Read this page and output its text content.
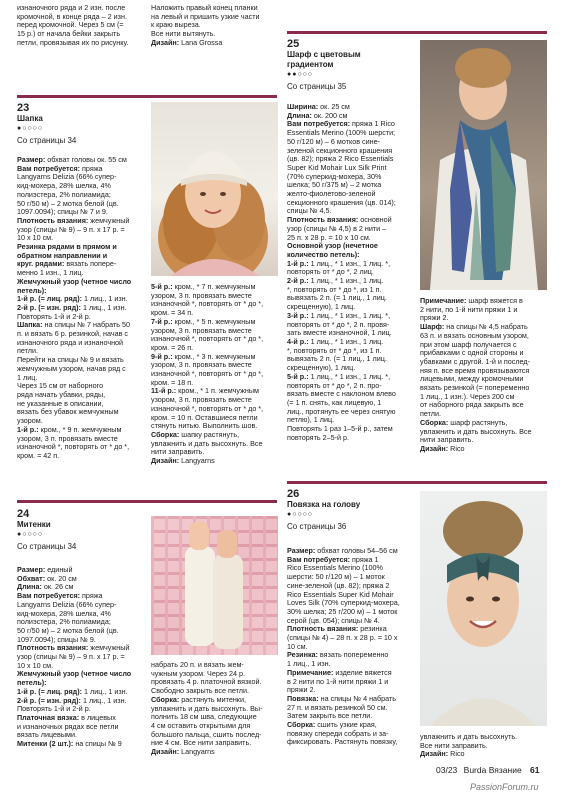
изнаночного ряда и 2 изн. после
кромочной, в конце ряда – 2 изн.
перед кромочной. Через 5 см (=
15 р.) от начала бейки закрыть
петли, провязывая их по рисунку.
Наложить правый конец планки
на левый и пришить узкие части
к краю выреза.
Все нити вытянуть.
Дизайн: Lana Grossa
23
Шапка
●○○○○
Со страницы 34
Размер: обхват головы ок. 55 см
Вам потребуется: пряжа
Langyarns Delizia (66% супер-
кид-мохера, 28% шелка, 4%
полиэстера, 2% полиамида;
50 г/50 м) – 2 мотка белой (цв.
1097.0094); спицы № 7 и 9.
Плотность вязания: жемчужный
узор (спицы № 9) – 9 п. х 17 р. =
10 х 10 см.
Резинка рядами в прямом и
обратном направлении и
круг. рядами: вязать попере-
менно 1 изн., 1 лиц.
Жемчужный узор (четное число
петель):
1-й р. (= лиц. ряд): 1 лиц., 1 изн.
2-й р. (= изн. ряд): 1 лиц., 1 изн.
Повторять 1-й и 2-й р.
Шапка: на спицы № 7 набрать 50
п. и вязать 6 р. резинкой, начав с
изнаночного ряда и изнаночной
петли.
Перейти на спицы № 9 и вязать
жемчужным узором, начав ряд с
1 лиц.
Через 15 см от наборного
ряда начать убавки, ряды,
не указанные в описании,
вязать без убавок жемчужным
узором.
1-й р.: кром., * 9 п. жемчужным
узором, 3 п. провязать вместе
изнаночной *, повторять от * до *,
кром. = 42 п.
5-й р.: кром., * 7 п. жемчужным
узором, 3 п. провязать вместе
изнаночной *, повторять от * до *,
кром. = 34 п.
7-й р.: кром., * 5 п. жемчужным
узором, 3 п. провязать вместе
изнаночной *, повторять от * до *,
кром. = 26 п.
9-й р.: кром., * 3 п. жемчужным
узором, 3 п. провязать вместе
изнаночной *, повторять от * до *,
кром. = 18 п.
11-й р.: кром., * 1 п. жемчужным
узором, 3 п. провязать вместе
изнаночной *, повторять от * до *,
кром. = 10 п. Оставшиеся петли
стянуть нитью. Выполнить шов.
Сборка: шапку растянуть,
увлажнить и дать высохнуть. Все
нити заправить.
Дизайн: Langyarns
24
Митенки
●○○○○
Со страницы 34
Размер: единый
Обхват: ок. 20 см
Длина: ок. 26 см
Вам потребуется: пряжа
Langyarns Delizia (66% супер-
кид-мохера, 28% шелка, 4%
полиэстера, 2% полиамида;
50 г/50 м) – 2 мотка белой (цв.
1097.0094); спицы № 9.
Плотность вязания: жемчужный
узор (спицы № 9) – 9 п. х 17 р. =
10 х 10 см.
Жемчужный узор (четное число
петель):
1-й р. (= лиц. ряд): 1 лиц., 1 изн.
2-й р. (= изн. ряд): 1 лиц., 1 изн.
Повторять 1-й и 2-й р.
Платочная вязка: в лицевых
и изнаночных рядах все петли
вязать лицевыми.
Митенки (2 шт.): на спицы № 9
набрать 20 п. и вязать жем-
чужным узором. Через 24 р.
провязать 4 р. платочной вязкой.
Свободно закрыть все петли.
Сборка: растянуть митенки,
увлажнить и дать высохнуть. Вы-
полнить 18 см шва, следующие
4 см оставить открытыми для
большого пальца, сшить послед-
ние 4 см. Все нити заправить.
Дизайн: Langyarns
25
Шарф с цветовым
градиентом
●●○○○
Со страницы 35
Ширина: ок. 25 см
Длина: ок. 200 см
Вам потребуется: пряжа 1 Rico
Essentials Merino (100% шерсти;
50 г/120 м) – 6 мотков сине-
зеленой секционного крашения
(цв. 82); пряжа 2 Rico Essentials
Super Kid Mohair Lux Silk Print
(70% суперкид-мохера, 30%
шелка; 50 г/375 м) – 2 мотка
желто-фиолетово-зеленой
секционного крашения (цв. 014);
спицы № 4,5.
Плотность вязания: основной
узор (спицы № 4,5) в 2 нити –
25 п. х 28 р. = 10 х 10 см.
Основной узор (нечетное
количество петель):
1-й р.: 1 лиц., * 1 изн., 1 лиц. *,
повторять от * до *, 2 лиц.
2-й р.: 1 лиц., * 1 изн., 1 лиц.
*, повторять от * до *, из 1 п.
вывязать 2 п. (= 1 лиц., 1 лиц.
скрещенную), 1 лиц.
3-й р.: 1 лиц., * 1 изн., 1 лиц. *,
повторять от * до *, 2 п. провя-
зать вместе изнаночной, 1 лиц.
4-й р.: 1 лиц., * 1 изн., 1 лиц.
*, повторять от * до *, из 1 п.
вывязать 2 п. (= 1 лиц., 1 лиц.
скрещенную), 1 лиц.
5-й р.: 1 лиц., * 1 изн., 1 лиц. *,
повторять от * до *, 2 п. про-
вязать вместе с наклоном влево
(= 1 п. снять, как лицевую, 1
лиц., протянуть ее через снятую
петлю), 1 лиц.
Повторять 1 раз 1–5-й р., затем
повторять 2–5-й р.
Примечание: шарф вяжется в
2 нити, по 1-й нити пряжи 1 и
пряжи 2.
Шарф: на спицы № 4,5 набрать
63 п. и вязать основным узором,
при этом шарф получается с
прибавками с одной стороны и
убавками с другой. 1-й и послед-
няя п. все время провязываются
лицевыми, между кромочными
вязать резинкой (= попеременно
1 лиц., 1 изн.). Через 200 см
от наборного ряда закрыть все
петли.
Сборка: шарф растянуть,
увлажнить и дать высохнуть. Все
нити заправить.
Дизайн: Rico
26
Повязка на голову
●○○○○
Со страницы 36
Размер: обхват головы 54–56 см
Вам потребуется: пряжа 1
Rico Essentials Merino (100%
шерсти: 50 г/120 м) – 1 моток
сине-зеленой (цв. 82); пряжа 2
Rico Essentials Super Kid Mohair
Loves Silk (70% суперкид-мохера,
30% шелка; 25 г/200 м) – 1 моток
серой (цв. 054); спицы № 4.
Плотность вязания: резинка
(спицы № 4) – 28 п. х 28 р. = 10 х
10 см.
Резинка: вязать попеременно
1 лиц., 1 изн.
Примечание: изделие вяжется
в 2 нити по 1-й нити пряжи 1 и
пряжи 2.
Повязка: на спицы № 4 набрать
27 п. и вязать резинкой 50 см.
Затем закрыть все петли.
Сборка: сшить узкие края,
повязку спереди собрать и за-
фиксировать. Растянуть повязку,
увлажнить и дать высохнуть.
Все нити заправить.
Дизайн: Rico
03/23 Burda Вязание 61
PassionForum.ru
